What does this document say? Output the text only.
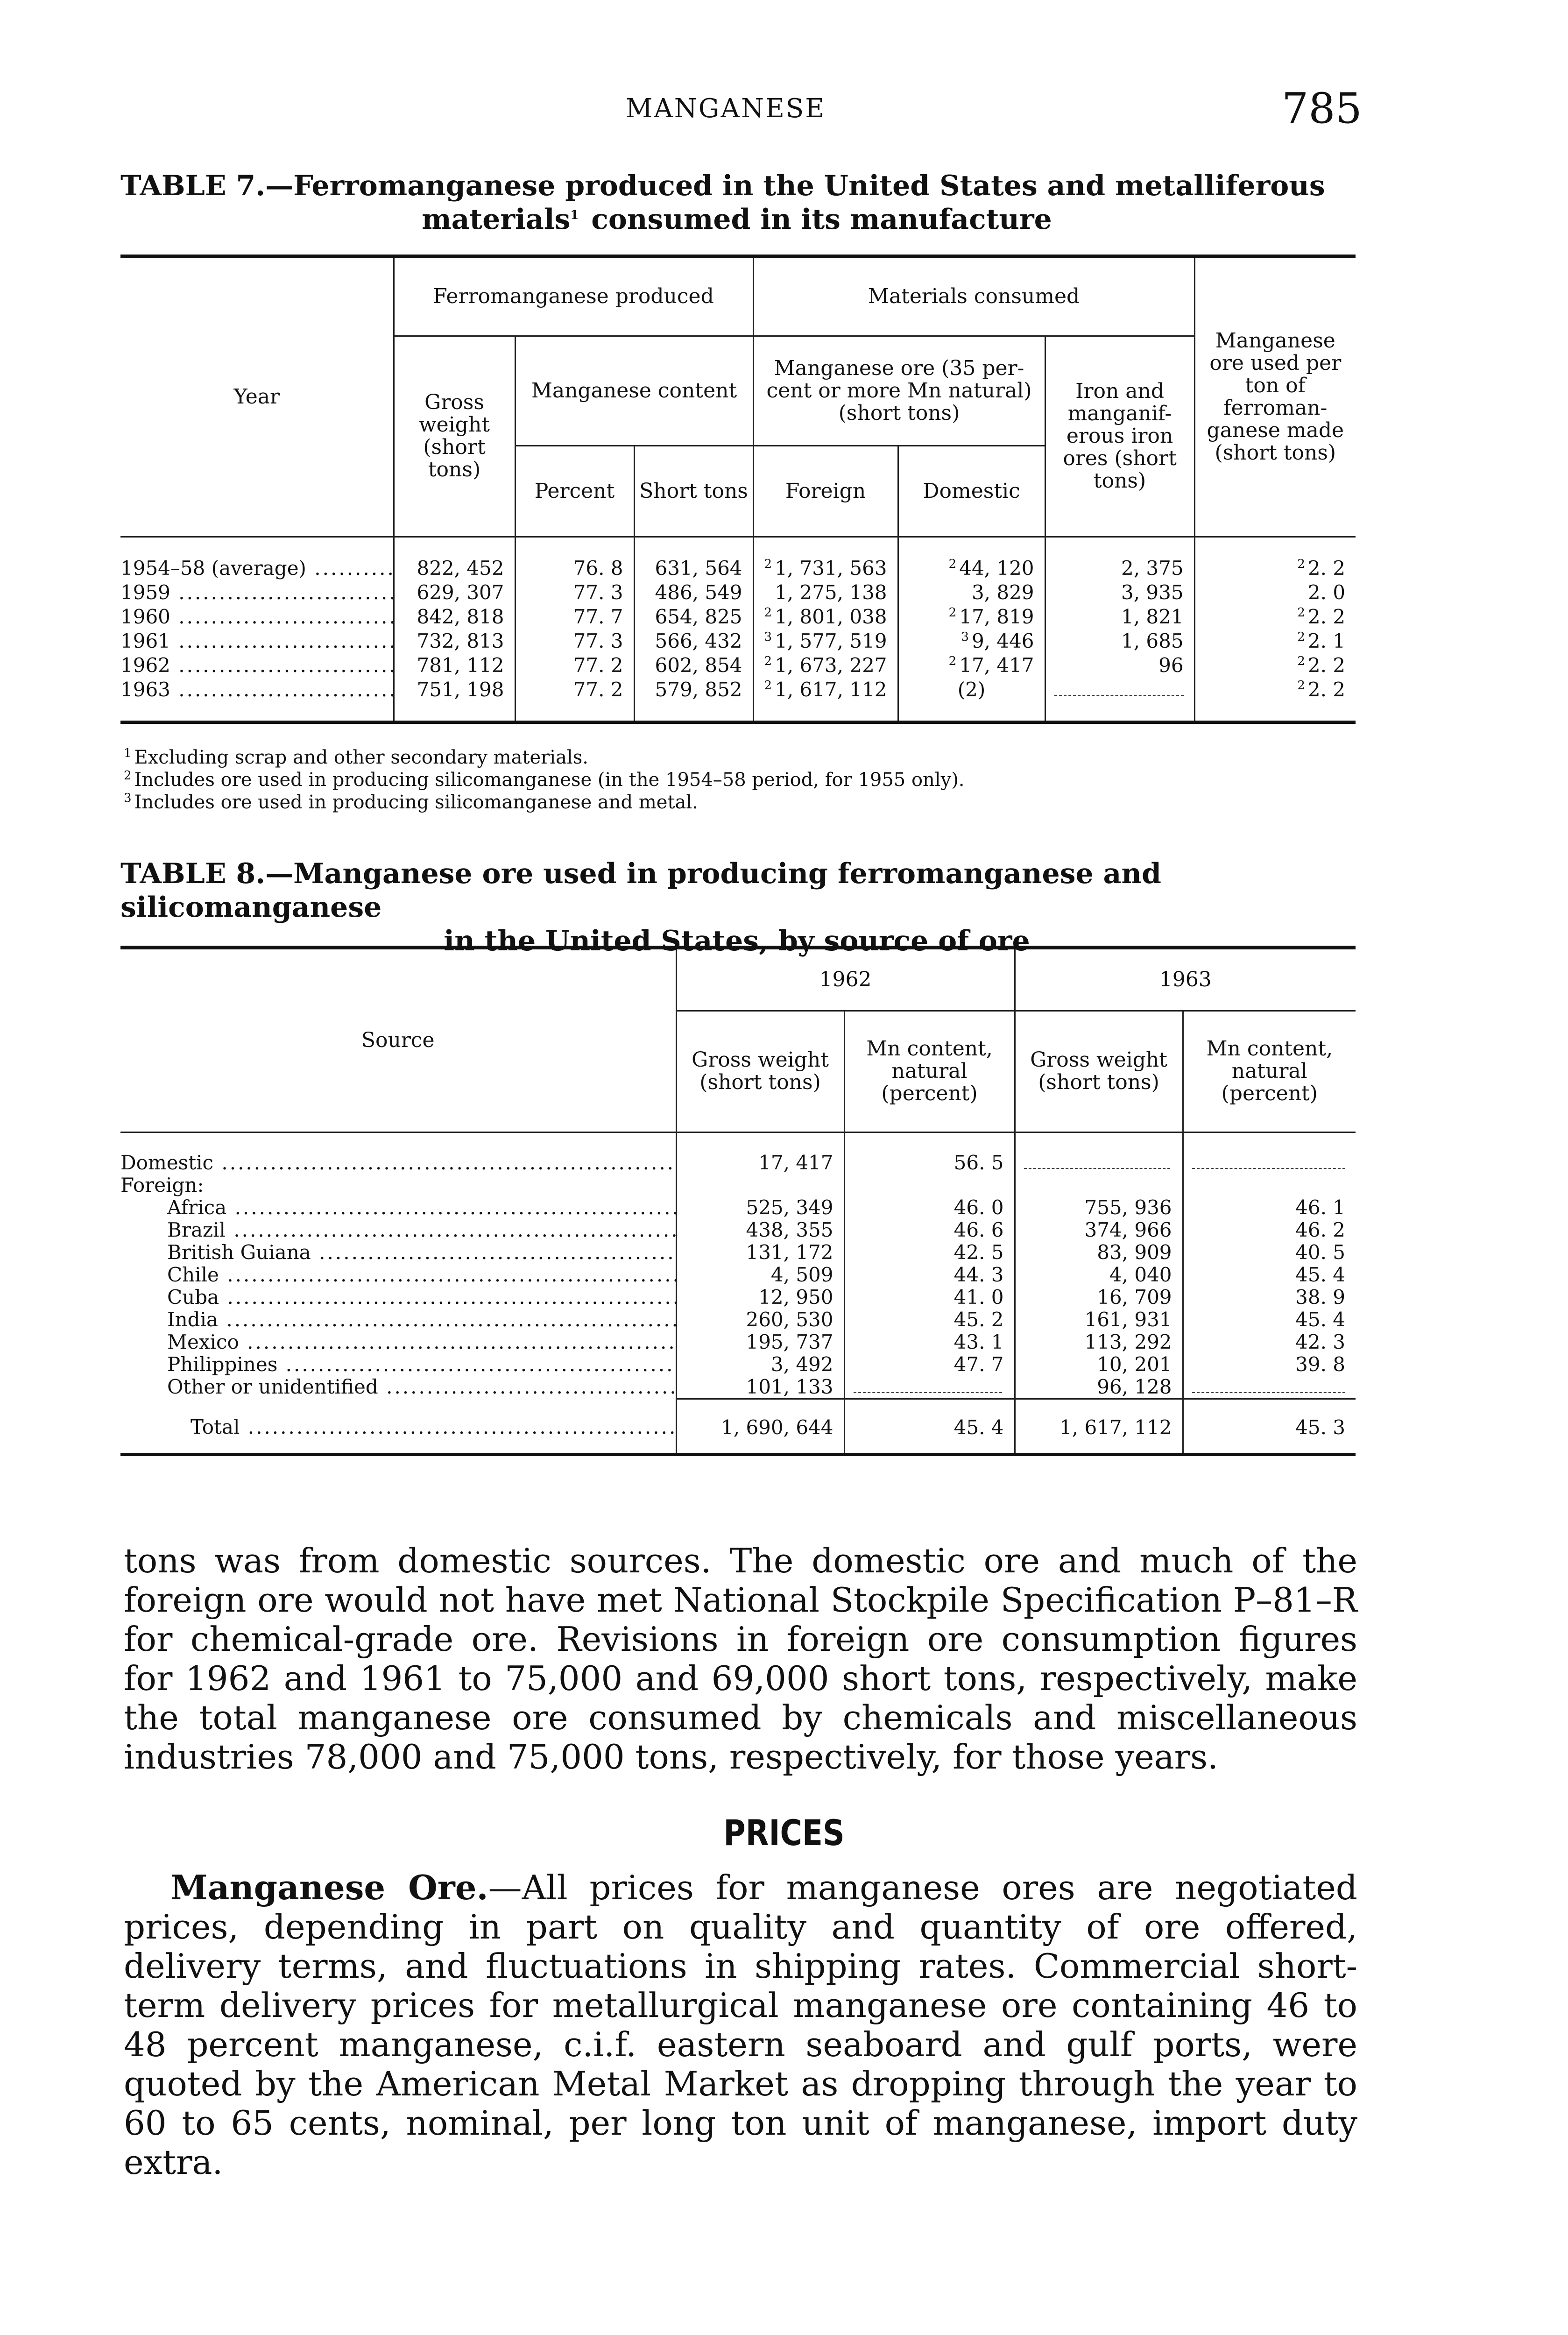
MANGANESE	785
TABLE 7.—Ferromanganese produced in the United States and metalliferous
materials$^1$ consumed in its manufacture
Year	Ferromanganese produced			Materials consumed			Manganese ore used per ton of ferroman-ganese made (short tons)
	Gross weight (short tons)	Manganese content		Manganese ore (35 per-cent or more Mn natural) (short tons)		Iron and manganif-erous iron ores (short tons)	
		Percent	Short tons	Foreign	Domestic		
1954–58 (average) .....	822, 452	76. 8	631, 564	$^2$ 1, 731, 563	$^2$ 44, 120	2, 375	$^2$ 2. 2
1959 .....	629, 307	77. 3	486, 549	1, 275, 138	3, 829	3, 935	2. 0
1960 .....	842, 818	77. 7	654, 825	$^2$ 1, 801, 038	$^2$ 17, 819	1, 821	$^2$ 2. 2
1961 .....	732, 813	77. 3	566, 432	$^3$ 1, 577, 519	$^3$ 9, 446	1, 685	$^2$ 2. 1
1962 .....	781, 112	77. 2	602, 854	$^2$ 1, 673, 227	$^2$ 17, 417	96	$^2$ 2. 2
1963 .....	751, 198	77. 2	579, 852	$^2$ 1, 617, 112	(2)		$^2$ 2. 2
$^1$ Excluding scrap and other secondary materials.
$^2$ Includes ore used in producing silicomanganese (in the 1954–58 period, for 1955 only).
$^3$ Includes ore used in producing silicomanganese and metal.
TABLE 8.—Manganese ore used in producing ferromanganese and silicomanganese
in the United States, by source of ore
Source	1962		1963	
	Gross weight (short tons)	Mn content, natural (percent)	Gross weight (short tons)	Mn content, natural (percent)
Domestic .....	17, 417	56. 5	

Foreign:				
Africa .....	525, 349	46. 0	755, 936	46. 1
Brazil .....	438, 355	46. 6	374, 966	46. 2
British Guiana .....	131, 172	42. 5	83, 909	40. 5
Chile .....	4, 509	44. 3	4, 040	45. 4
Cuba .....	12, 950	41. 0	16, 709	38. 9
India .....	260, 530	45. 2	161, 931	45. 4
Mexico .....	195, 737	43. 1	113, 292	42. 3
Philippines .....	3, 492	47. 7	10, 201	39. 8
Other or unidentified .....	101, 133		96, 128	

Total .....	1, 690, 644	45. 4	1, 617, 112	45. 3
tons was from domestic sources. The domestic ore and much of the foreign ore would not have met National Stockpile Specification P–81–R for chemical-grade ore. Revisions in foreign ore consumption figures for 1962 and 1961 to 75,000 and 69,000 short tons, respectively, make the total manganese ore consumed by chemicals and miscellaneous industries 78,000 and 75,000 tons, respectively, for those years.
PRICES
Manganese Ore.—All prices for manganese ores are negotiated prices, depending in part on quality and quantity of ore offered, delivery terms, and fluctuations in shipping rates. Commercial short-term delivery prices for metallurgical manganese ore containing 46 to 48 percent manganese, c.i.f. eastern seaboard and gulf ports, were quoted by the American Metal Market as dropping through the year to 60 to 65 cents, nominal, per long ton unit of manganese, import duty extra.
